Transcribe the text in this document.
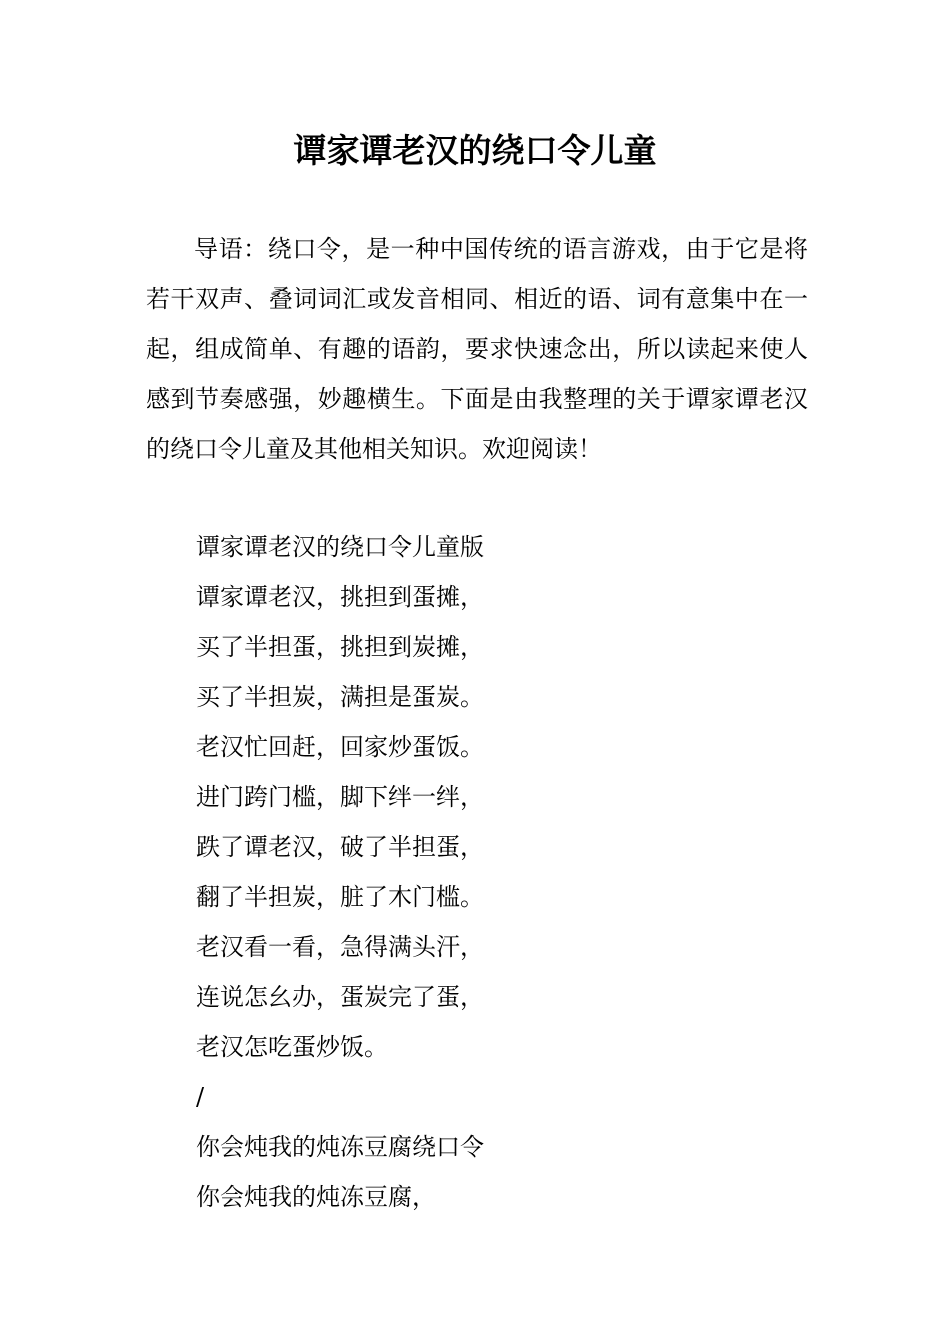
谭家谭老汉的绕口令儿童

导语：绕口令，是一种中国传统的语言游戏，由于它是将若干双声、叠词词汇或发音相同、相近的语、词有意集中在一起，组成简单、有趣的语韵，要求快速念出，所以读起来使人感到节奏感强，妙趣横生。下面是由我整理的关于谭家谭老汉的绕口令儿童及其他相关知识。欢迎阅读！

谭家谭老汉的绕口令儿童版
谭家谭老汉，挑担到蛋摊，
买了半担蛋，挑担到炭摊，
买了半担炭，满担是蛋炭。
老汉忙回赶，回家炒蛋饭。
进门跨门槛，脚下绊一绊，
跌了谭老汉，破了半担蛋，
翻了半担炭，脏了木门槛。
老汉看一看，急得满头汗，
连说怎幺办，蛋炭完了蛋，
老汉怎吃蛋炒饭。
/
你会炖我的炖冻豆腐绕口令
你会炖我的炖冻豆腐，
